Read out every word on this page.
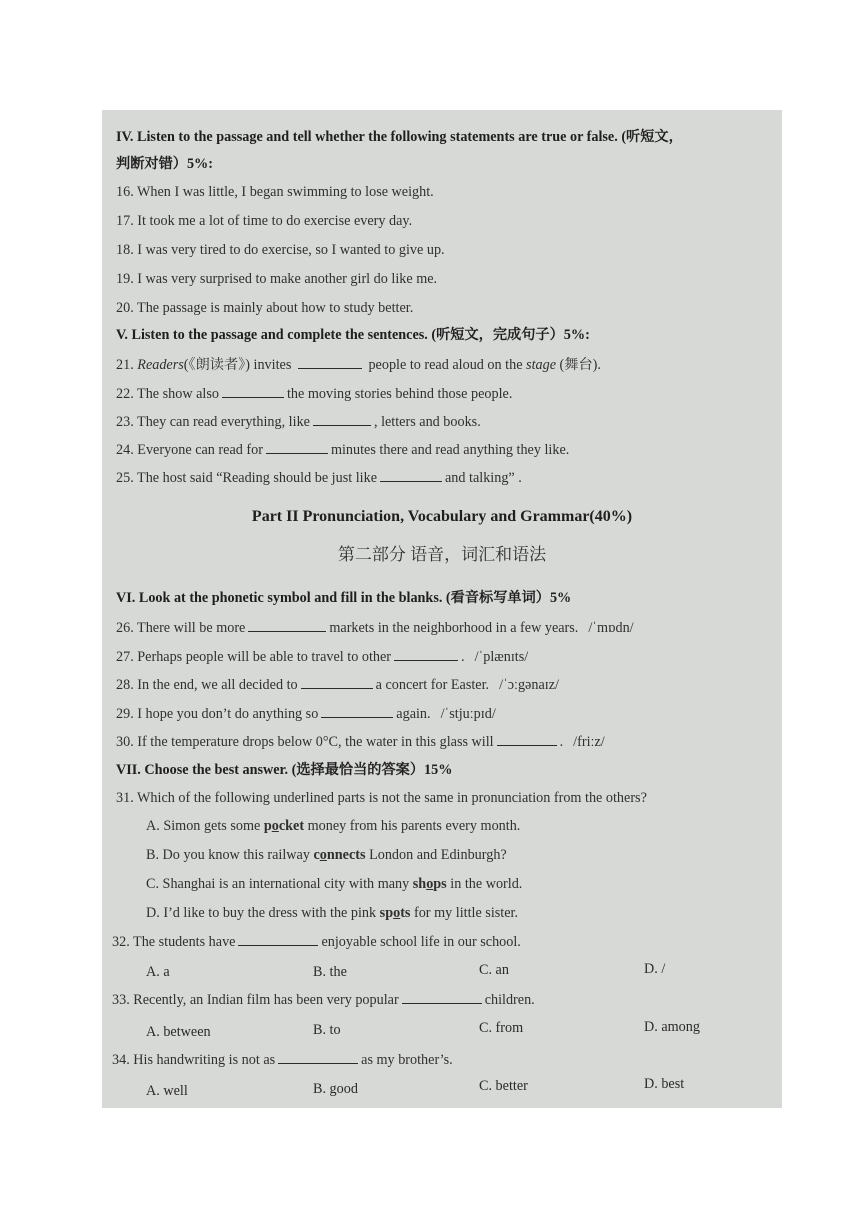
IV. Listen to the passage and tell whether the following statements are true or false. (听短文，
判断对错）5%:
16. When I was little, I began swimming to lose weight.
17. It took me a lot of time to do exercise every day.
18. I was very tired to do exercise, so I wanted to give up.
19. I was very surprised to make another girl do like me.
20. The passage is mainly about how to study better.
V. Listen to the passage and complete the sentences. (听短文，完成句子）5%:
21. Readers(《朗读者》) invites	people to read aloud on the stage (舞台).
22. The show also	the moving stories behind those people.
23. They can read everything, like	, letters and books.
24. Everyone can read for	minutes there and read anything they like.
25. The host said “Reading should be just like	and talking” .
Part II Pronunciation, Vocabulary and Grammar(40%)
第二部分 语音，词汇和语法
VI. Look at the phonetic symbol and fill in the blanks. (看音标写单词）5%
26. There will be more	markets in the neighborhood in a few years. /ˈmɒdn/
27. Perhaps people will be able to travel to other	. /ˈplænɪts/
28. In the end, we all decided to	a concert for Easter. /ˈɔːgənaɪz/
29. I hope you don’t do anything so	again. /ˈstjuːpɪd/
30. If the temperature drops below 0°C, the water in this glass will	. /friːz/
VII. Choose the best answer. (选择最恰当的答案）15%
31. Which of the following underlined parts is not the same in pronunciation from the others?
A. Simon gets some pocket money from his parents every month.
B. Do you know this railway connects London and Edinburgh?
C. Shanghai is an international city with many shops in the world.
D. I’d like to buy the dress with the pink spots for my little sister.
32. The students have	enjoyable school life in our school.
A. a	B. the	C. an	D. /
33. Recently, an Indian film has been very popular	children.
A. between	B. to	C. from	D. among
34. His handwriting is not as	as my brother’s.
A. well	B. good	C. better	D. best
